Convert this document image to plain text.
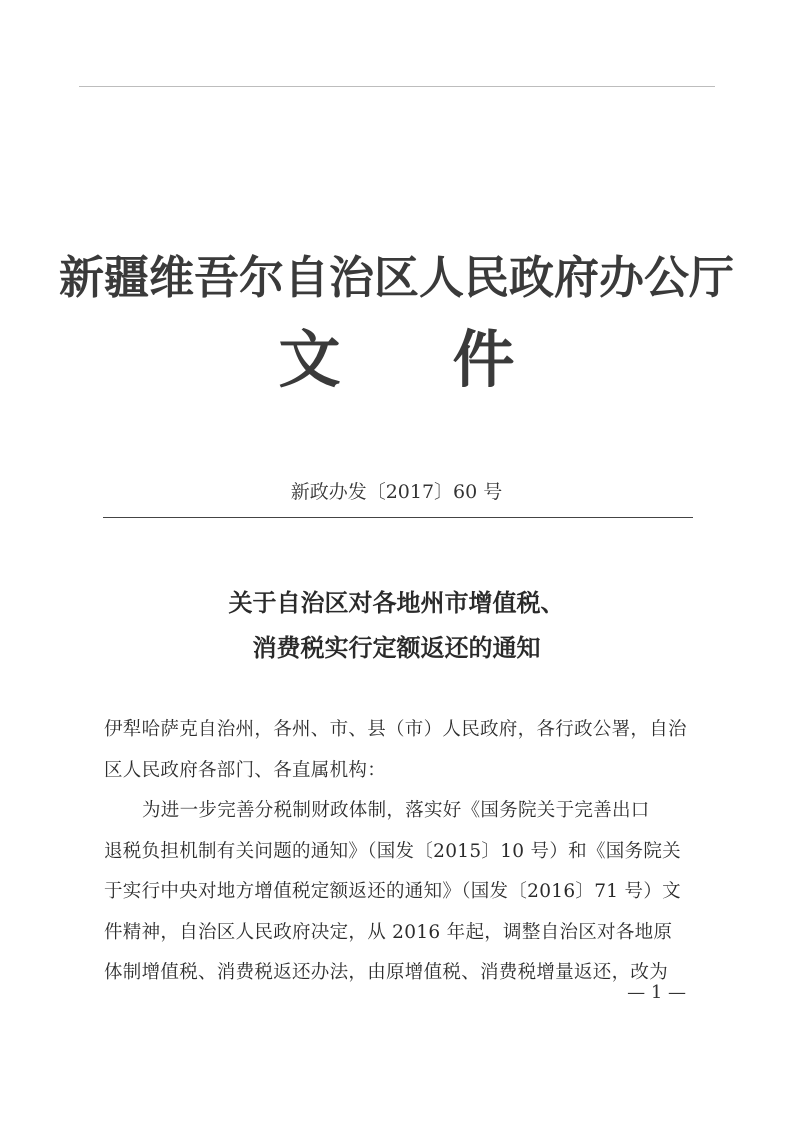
新疆维吾尔自治区人民政府办公厅
文 件
新政办发〔2017〕60 号
关于自治区对各地州市增值税、
消费税实行定额返还的通知
伊犁哈萨克自治州，各州、市、县（市）人民政府，各行政公署，自治
区人民政府各部门、各直属机构：
为进一步完善分税制财政体制，落实好《国务院关于完善出口
退税负担机制有关问题的通知》（国发〔2015〕10 号）和《国务院关
于实行中央对地方增值税定额返还的通知》（国发〔2016〕71 号）文
件精神，自治区人民政府决定，从 2016 年起，调整自治区对各地原
体制增值税、消费税返还办法，由原增值税、消费税增量返还，改为
— 1 —
